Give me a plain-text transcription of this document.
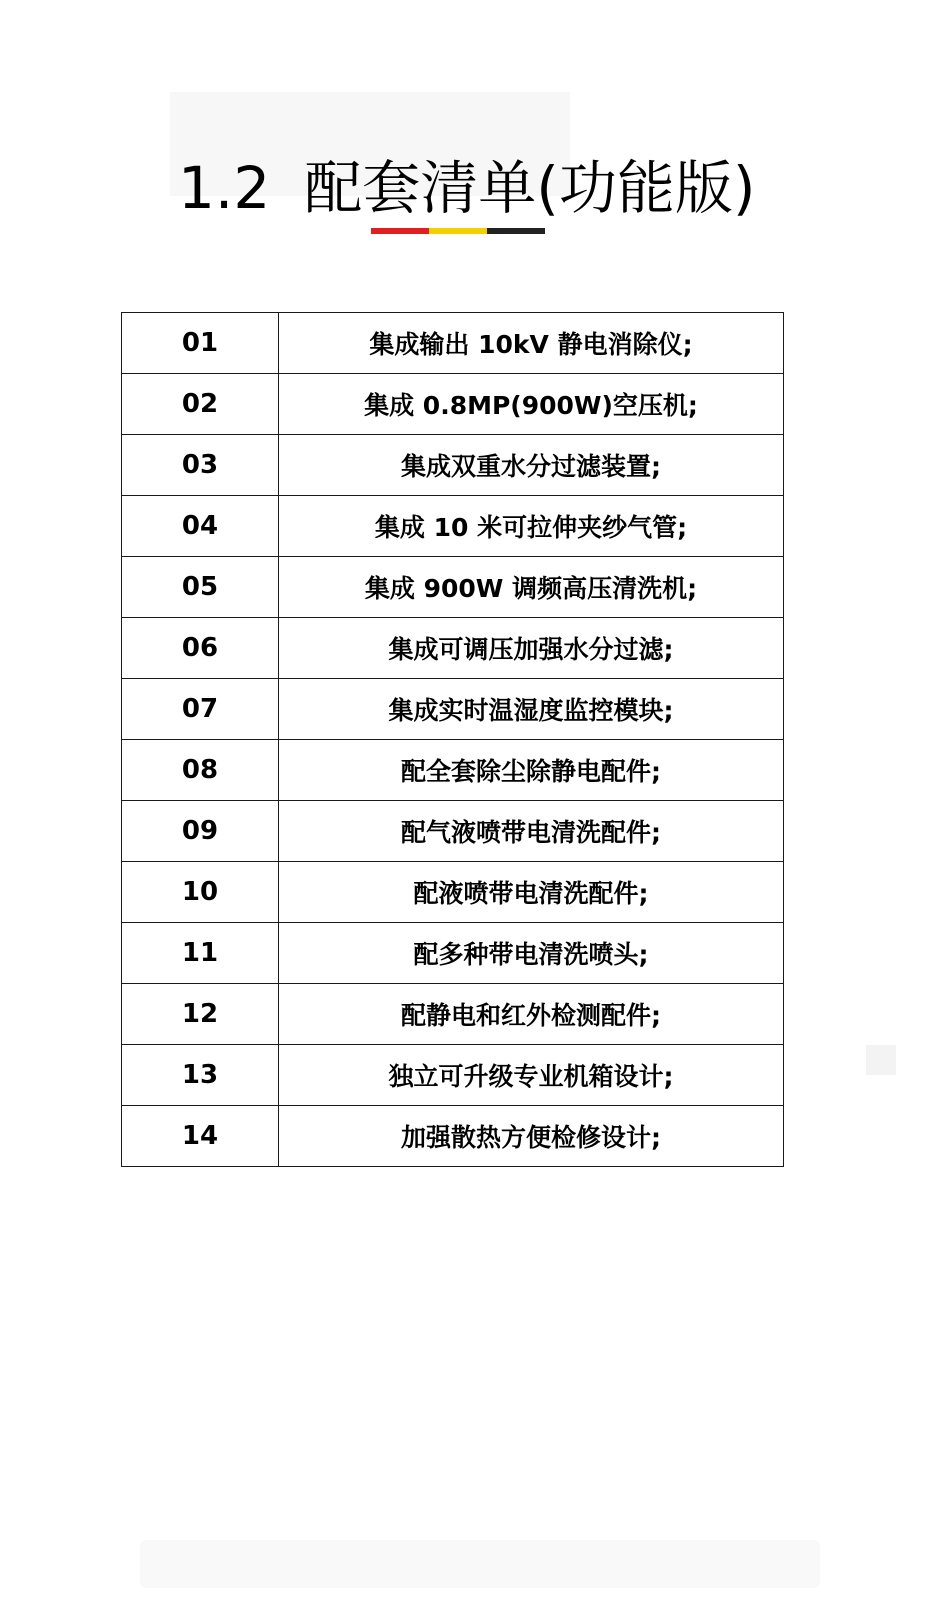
1.2 配套清单(功能版)
01	集成输出 10kV 静电消除仪;
02	集成 0.8MP(900W)空压机;
03	集成双重水分过滤装置;
04	集成 10 米可拉伸夹纱气管;
05	集成 900W 调频高压清洗机;
06	集成可调压加强水分过滤;
07	集成实时温湿度监控模块;
08	配全套除尘除静电配件;
09	配气液喷带电清洗配件;
10	配液喷带电清洗配件;
11	配多种带电清洗喷头;
12	配静电和红外检测配件;
13	独立可升级专业机箱设计;
14	加强散热方便检修设计;
